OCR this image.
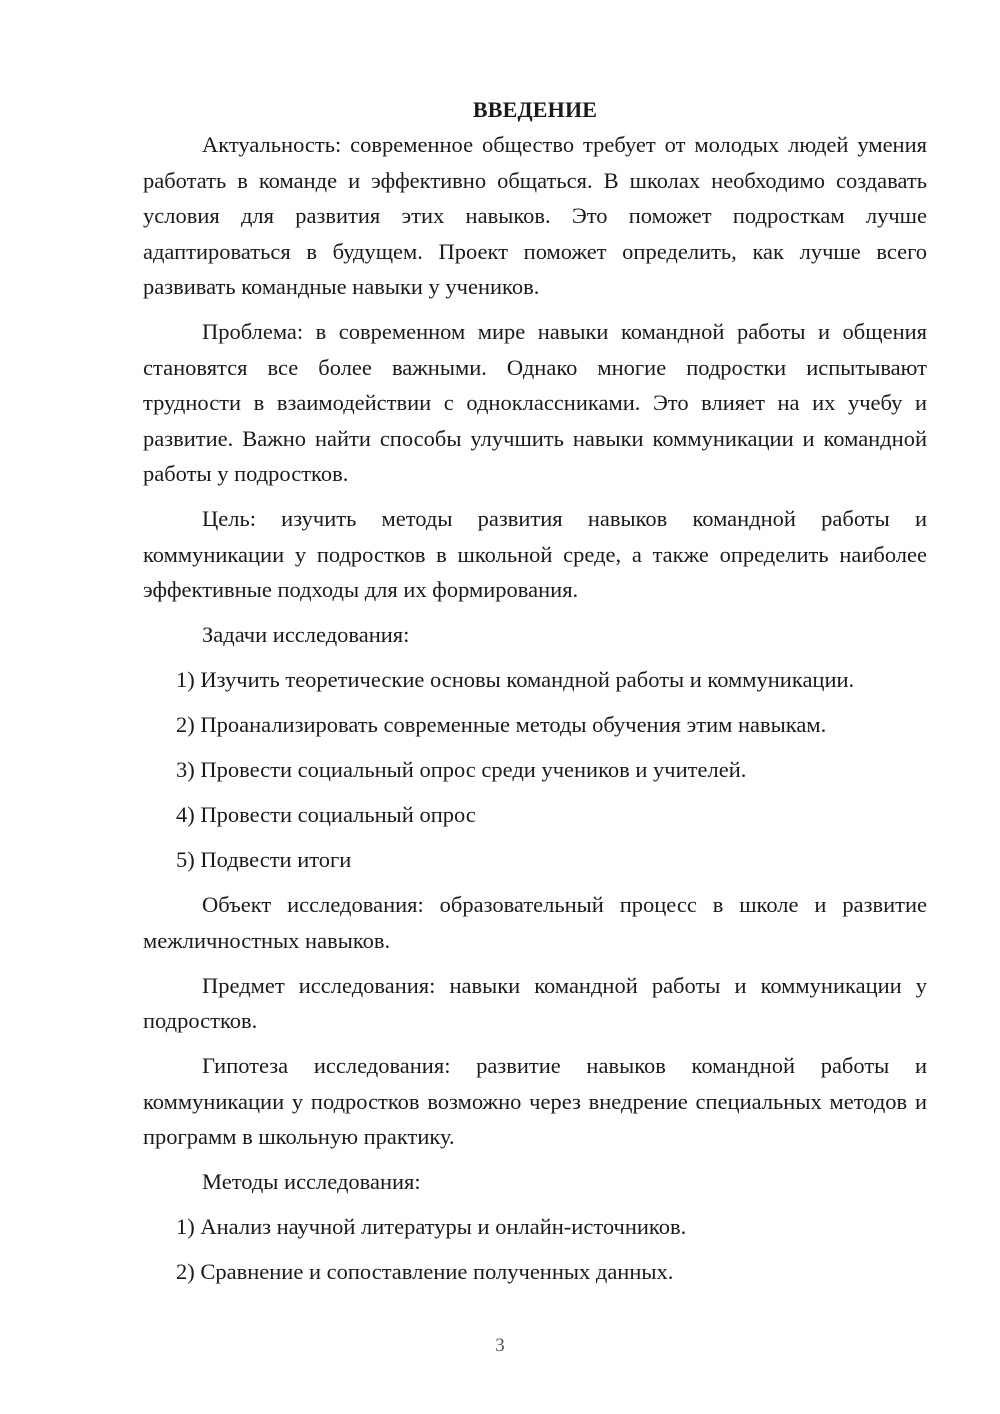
ВВЕДЕНИЕ

Актуальность: современное общество требует от молодых людей умения работать в команде и эффективно общаться. В школах необходимо создавать условия для развития этих навыков. Это поможет подросткам лучше адаптироваться в будущем. Проект поможет определить, как лучше всего развивать командные навыки у учеников.

Проблема: в современном мире навыки командной работы и общения становятся все более важными. Однако многие подростки испытывают трудности в взаимодействии с одноклассниками. Это влияет на их учебу и развитие. Важно найти способы улучшить навыки коммуникации и командной работы у подростков.

Цель: изучить методы развития навыков командной работы и коммуникации у подростков в школьной среде, а также определить наиболее эффективные подходы для их формирования.

Задачи исследования:

1) Изучить теоретические основы командной работы и коммуникации.

2) Проанализировать современные методы обучения этим навыкам.

3) Провести социальный опрос среди учеников и учителей.

4) Провести социальный опрос

5) Подвести итоги

Объект исследования: образовательный процесс в школе и развитие межличностных навыков.

Предмет исследования: навыки командной работы и коммуникации у подростков.

Гипотеза исследования: развитие навыков командной работы и коммуникации у подростков возможно через внедрение специальных методов и программ в школьную практику.

Методы исследования:

1) Анализ научной литературы и онлайн-источников.

2) Сравнение и сопоставление полученных данных.

3
